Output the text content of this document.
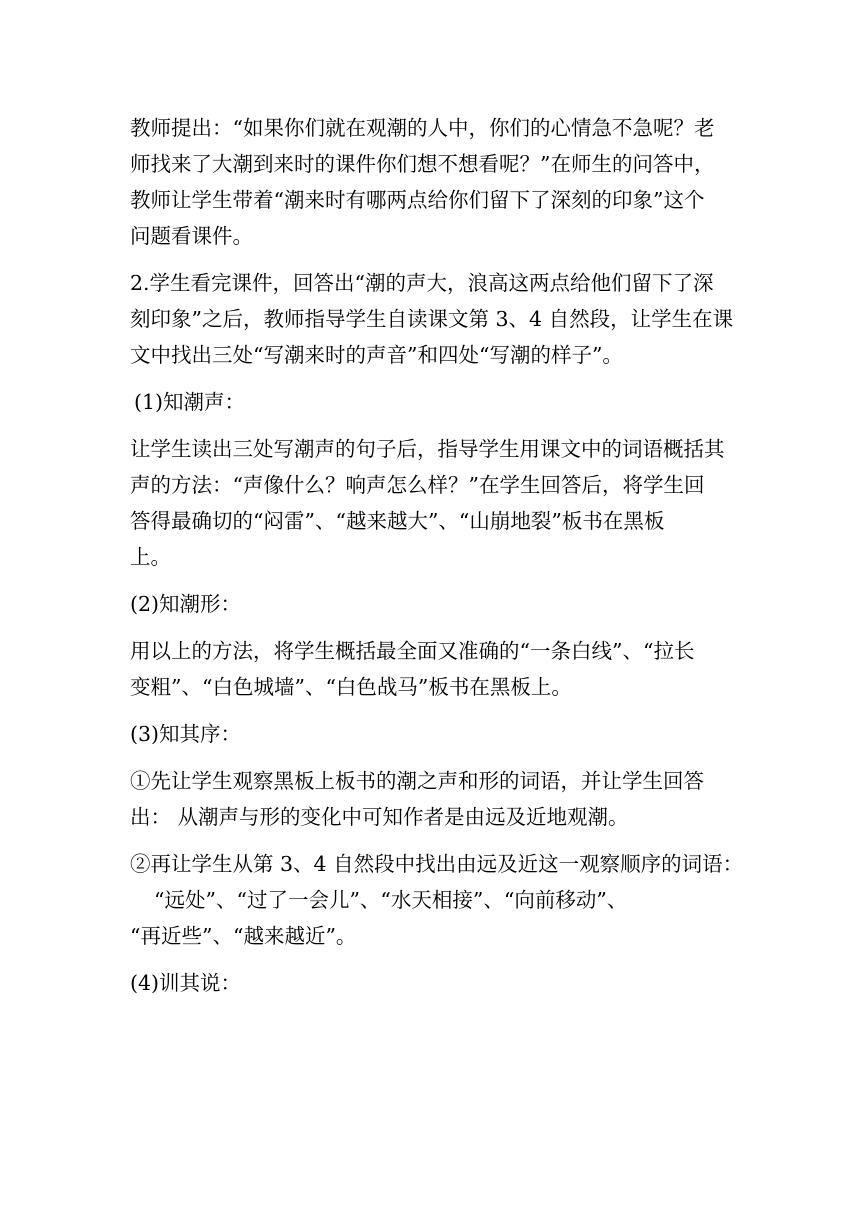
教师提出：“如果你们就在观潮的人中，你们的心情急不急呢？老
师找来了大潮到来时的课件你们想不想看呢？”在师生的问答中，
教师让学生带着“潮来时有哪两点给你们留下了深刻的印象”这个
问题看课件。

2.学生看完课件，回答出“潮的声大，浪高这两点给他们留下了深
刻印象”之后，教师指导学生自读课文第 3、4 自然段，让学生在课
文中找出三处“写潮来时的声音”和四处“写潮的样子”。

(1)知潮声：

让学生读出三处写潮声的句子后，指导学生用课文中的词语概括其
声的方法：“声像什么？响声怎么样？”在学生回答后，将学生回
答得最确切的“闷雷”、“越来越大”、“山崩地裂”板书在黑板
上。

(2)知潮形：

用以上的方法，将学生概括最全面又准确的“一条白线”、“拉长
变粗”、“白色城墙”、“白色战马”板书在黑板上。

(3)知其序：

①先让学生观察黑板上板书的潮之声和形的词语，并让学生回答
出： 从潮声与形的变化中可知作者是由远及近地观潮。

②再让学生从第 3、4 自然段中找出由远及近这一观察顺序的词语：
“远处”、“过了一会儿”、“水天相接”、“向前移动”、
“再近些”、“越来越近”。

(4)训其说：
